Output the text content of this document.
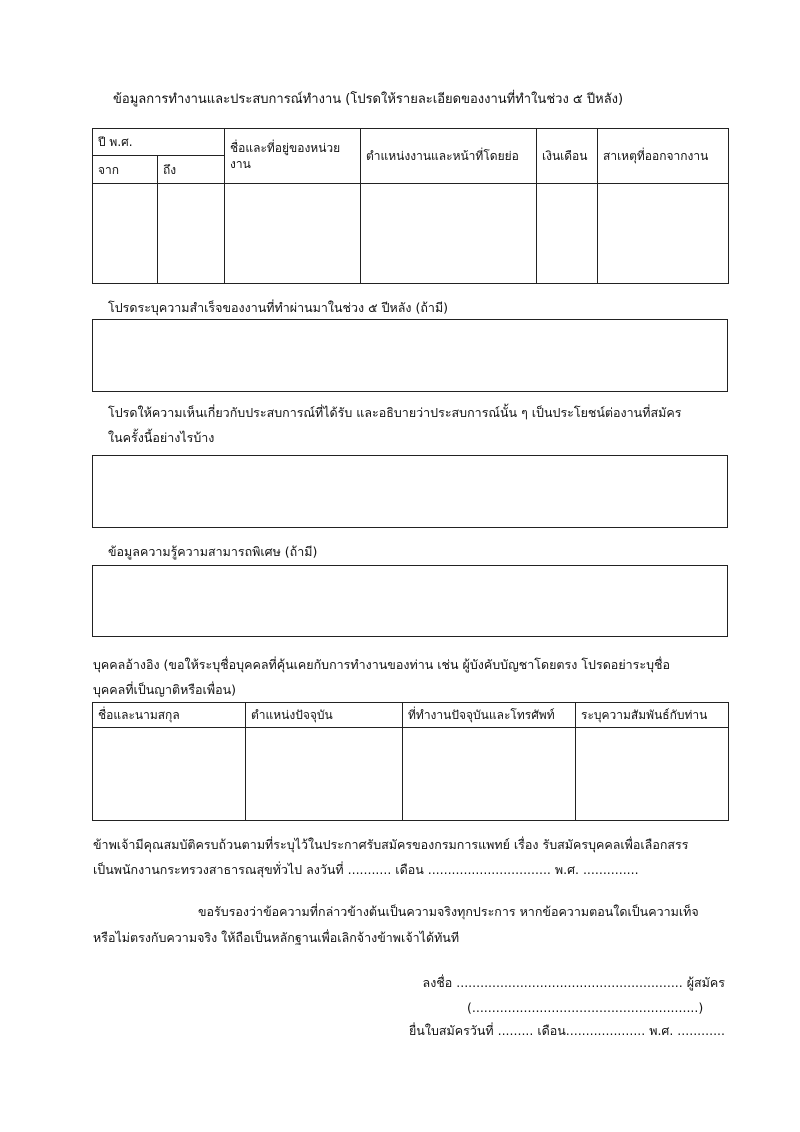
ข้อมูลการทำงานและประสบการณ์ทำงาน (โปรดให้รายละเอียดของงานที่ทำในช่วง ๕ ปีหลัง)
ปี พ.ศ.		ชื่อและที่อยู่ของหน่วยงาน	ตำแหน่งงานและหน้าที่โดยย่อ	เงินเดือน	สาเหตุที่ออกจากงาน
จาก	ถึง				

โปรดระบุความสำเร็จของงานที่ทำผ่านมาในช่วง ๕ ปีหลัง (ถ้ามี)
โปรดให้ความเห็นเกี่ยวกับประสบการณ์ที่ได้รับ และอธิบายว่าประสบการณ์นั้น ๆ เป็นประโยชน์ต่องานที่สมัคร
ในครั้งนี้อย่างไรบ้าง
ข้อมูลความรู้ความสามารถพิเศษ (ถ้ามี)
บุคคลอ้างอิง (ขอให้ระบุชื่อบุคคลที่คุ้นเคยกับการทำงานของท่าน เช่น ผู้บังคับบัญชาโดยตรง โปรดอย่าระบุชื่อ
บุคคลที่เป็นญาติหรือเพื่อน)
ชื่อและนามสกุล	ตำแหน่งปัจจุบัน	ที่ทำงานปัจจุบันและโทรศัพท์	ระบุความสัมพันธ์กับท่าน

ข้าพเจ้ามีคุณสมบัติครบถ้วนตามที่ระบุไว้ในประกาศรับสมัครของกรมการแพทย์ เรื่อง รับสมัครบุคคลเพื่อเลือกสรร
เป็นพนักงานกระทรวงสาธารณสุขทั่วไป ลงวันที่ ........... เดือน ............................... พ.ศ. ..............
ขอรับรองว่าข้อความที่กล่าวข้างต้นเป็นความจริงทุกประการ หากข้อความตอนใดเป็นความเท็จ
หรือไม่ตรงกับความจริง ให้ถือเป็นหลักฐานเพื่อเลิกจ้างข้าพเจ้าได้ทันที
ลงชื่อ ......................................................... ผู้สมัคร
(.........................................................)
ยื่นใบสมัครวันที่ ......... เดือน.................... พ.ศ. ............
